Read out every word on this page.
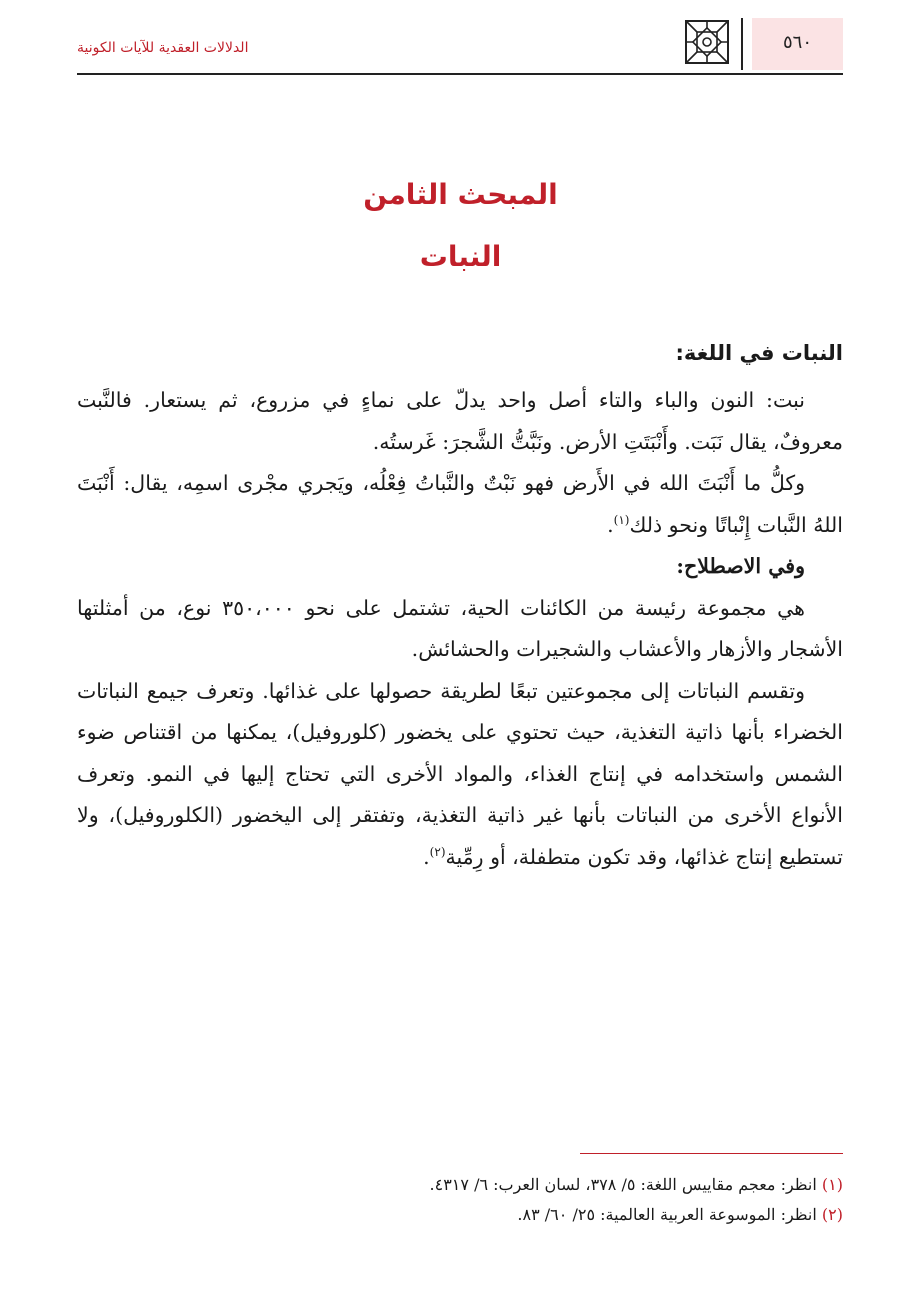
الدلالات العقدية للآيات الكونية	٥٦٠
المبحث الثامن
النبات

النبات في اللغة:

نبت: النون والباء والتاء أصل واحد يدلّ على نماءٍ في مزروع، ثم يستعار. فالنَّبت معروفٌ، يقال نَبَت. وأَنْبَتَتِ الأرض. ونَبَّتُّ الشَّجرَ: غَرستُه.

وكلُّ ما أَنْبَتَ الله في الأَرض فهو نَبْتٌ والنَّباتُ فِعْلُه، ويَجري مجْرى اسمِه، يقال: أَنْبَتَ اللهُ النَّبات إِنْباتًا ونحو ذلك$^{(١)}$.

وفي الاصطلاح:

هي مجموعة رئيسة من الكائنات الحية، تشتمل على نحو ٣٥٠،٠٠٠ نوع، من أمثلتها الأشجار والأزهار والأعشاب والشجيرات والحشائش.

وتقسم النباتات إلى مجموعتين تبعًا لطريقة حصولها على غذائها. وتعرف جيمع النباتات الخضراء بأنها ذاتية التغذية، حيث تحتوي على يخضور (كلوروفيل)، يمكنها من اقتناص ضوء الشمس واستخدامه في إنتاج الغذاء، والمواد الأخرى التي تحتاج إليها في النمو. وتعرف الأنواع الأخرى من النباتات بأنها غير ذاتية التغذية، وتفتقر إلى اليخضور (الكلوروفيل)، ولا تستطيع إنتاج غذائها، وقد تكون متطفلة، أو رِمِّية$^{(٢)}$.

(١) انظر: معجم مقاييس اللغة: ٥/ ٣٧٨، لسان العرب: ٦/ ٤٣١٧.

(٢) انظر: الموسوعة العربية العالمية: ٢٥/ ٦٠/ ٨٣.
